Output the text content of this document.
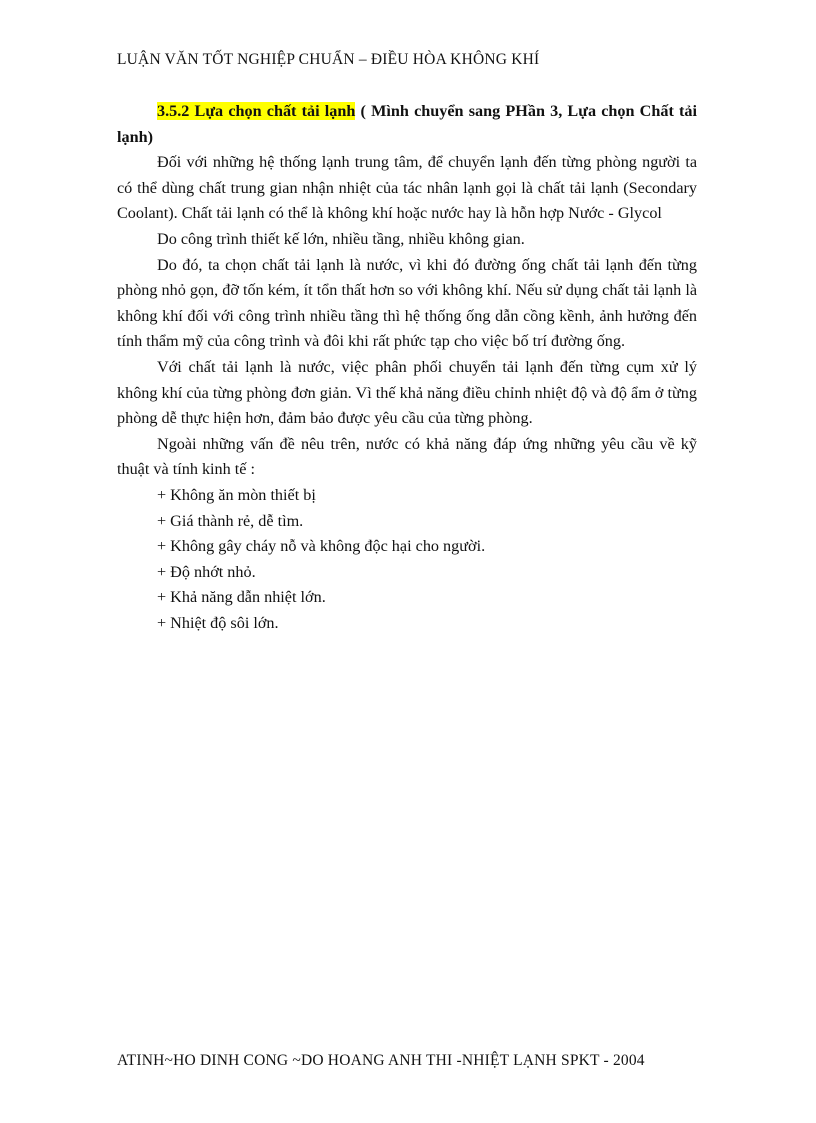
LUẬN VĂN TỐT NGHIỆP CHUẨN – ĐIỀU HÒA KHÔNG KHÍ

3.5.2 Lựa chọn chất tải lạnh ( Mình chuyển sang PHần 3, Lựa chọn Chất tải lạnh)

Đối với những hệ thống lạnh trung tâm, để chuyển lạnh đến từng phòng người ta có thể dùng chất trung gian nhận nhiệt của tác nhân lạnh gọi là chất tải lạnh (Secondary Coolant). Chất tải lạnh có thể là không khí hoặc nước hay là hỗn hợp Nước - Glycol

Do công trình thiết kế lớn, nhiều tầng, nhiều không gian.

Do đó, ta chọn chất tải lạnh là nước, vì khi đó đường ống chất tải lạnh đến từng phòng nhỏ gọn, đỡ tốn kém, ít tổn thất hơn so với không khí. Nếu sử dụng chất tải lạnh là không khí đối với công trình nhiều tầng thì hệ thống ống dẫn cồng kềnh, ảnh hưởng đến tính thẩm mỹ của công trình và đôi khi rất phức tạp cho việc bố trí đường ống.

Với chất tải lạnh là nước, việc phân phối chuyển tải lạnh đến từng cụm xử lý không khí của từng phòng đơn giản. Vì thế khả năng điều chỉnh nhiệt độ và độ ẩm ở từng phòng dễ thực hiện hơn, đảm bảo được yêu cầu của từng phòng.

Ngoài những vấn đề nêu trên, nước có khả năng đáp ứng những yêu cầu về kỹ thuật và tính kinh tế :

+ Không ăn mòn thiết bị
+ Giá thành rẻ, dễ tìm.
+ Không gây cháy nỗ và không độc hại cho người.
+ Độ nhớt nhỏ.
+ Khả năng dẫn nhiệt lớn.
+ Nhiệt độ sôi lớn.
ATINH~HO DINH CONG ~DO HOANG ANH THI -NHIỆT LẠNH SPKT - 2004
